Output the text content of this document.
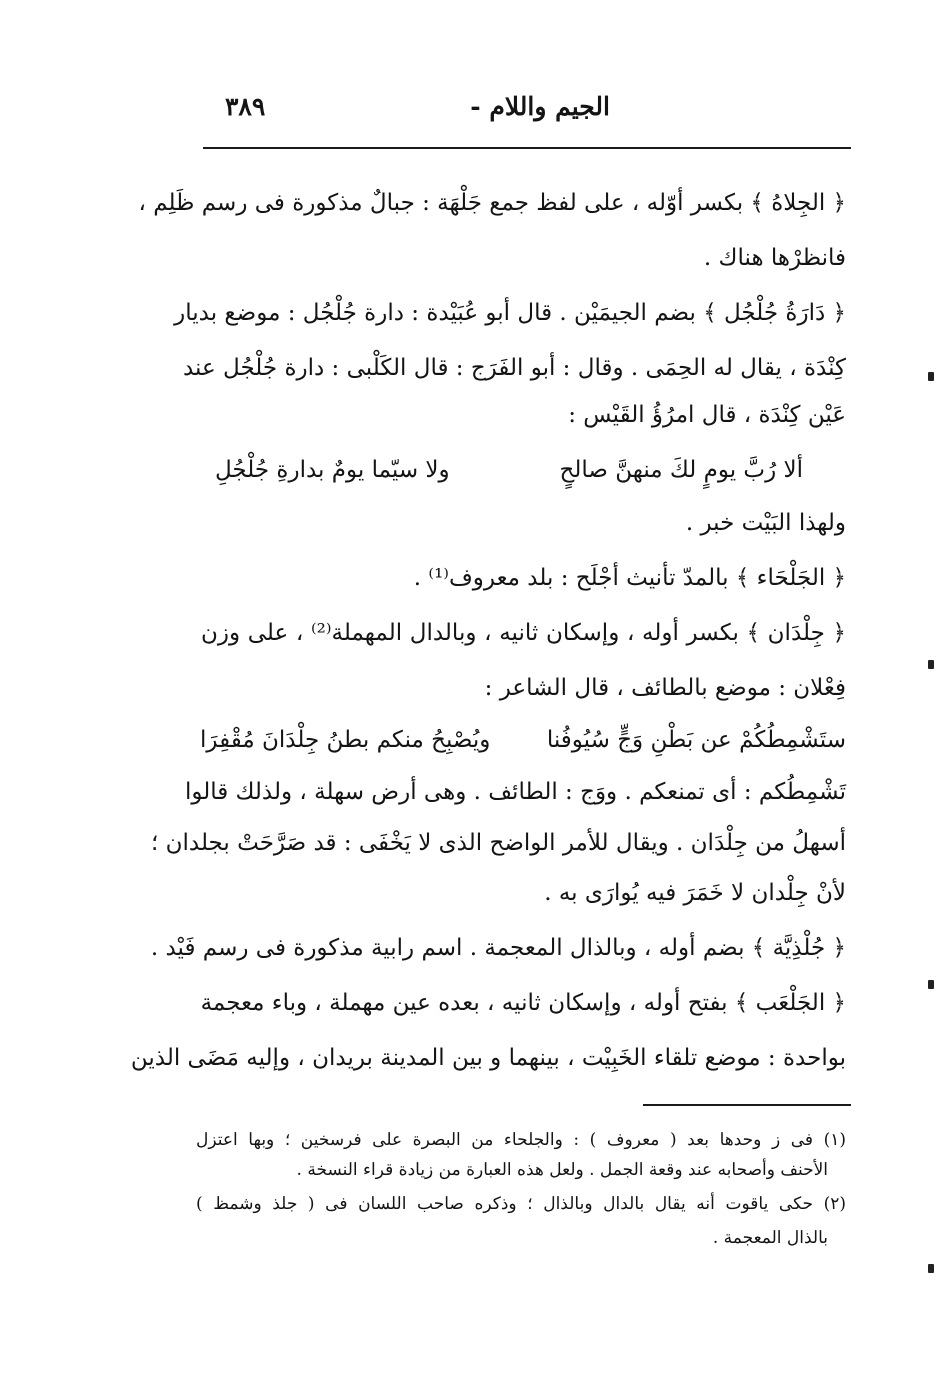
الجيم واللام -
٣٨٩
﴿ الجِلاهُ ﴾ بكسر أوّله ، على لفظ جمع جَلْهَة : جبالٌ مذكورة فى رسم ظَلِم ،
فانظرْها هناك .
﴿ دَارَةُ جُلْجُل ﴾ بضم الجيمَيْن . قال أبو عُبَيْدة : دارة جُلْجُل : موضع بديار
كِنْدَة ، يقال له الحِمَى . وقال : أبو الفَرَج : قال الكَلْبى : دارة جُلْجُل عند
عَيْن كِنْدَة ، قال امرُؤُ القَيْس :
ألا رُبَّ يومٍ لكَ منهنَّ صالحٍ
ولا سيّما يومٌ بدارةِ جُلْجُلِ
ولهذا البَيْت خبر .
﴿ الجَلْحَاء ﴾ بالمدّ تأنيث أجْلَح : بلد معروف⁽¹⁾ .
﴿ جِلْدَان ﴾ بكسر أوله ، وإسكان ثانيه ، وبالدال المهملة⁽²⁾ ، على وزن
فِعْلان : موضع بالطائف ، قال الشاعر :
ستَشْمِطُكُمْ عن بَطْنِ وَجٍّ سُيُوفُنا
ويُصْبِحُ منكم بطنُ جِلْدَانَ مُقْفِرَا
تَشْمِطُكم : أى تمنعكم . ووَج : الطائف . وهى أرض سهلة ، ولذلك قالوا
أسهلُ من جِلْدَان . ويقال للأمر الواضح الذى لا يَخْفَى : قد صَرَّحَتْ بجلدان ؛
لأنْ جِلْدان لا خَمَرَ فيه يُوارَى به .
﴿ جُلْذِيَّة ﴾ بضم أوله ، وبالذال المعجمة . اسم رابية مذكورة فى رسم فَيْد .
﴿ الجَلْعَب ﴾ بفتح أوله ، وإسكان ثانيه ، بعده عين مهملة ، وباء معجمة
بواحدة : موضع تلقاء الخَبِيْت ، بينهما و بين المدينة بريدان ، وإليه مَضَى الذين
(١) فى ز وحدها بعد ( معروف ) : والجلحاء من البصرة على فرسخين ؛ وبها اعتزل
الأحنف وأصحابه عند وقعة الجمل . ولعل هذه العبارة من زيادة قراء النسخة .
(٢) حكى ياقوت أنه يقال بالدال وبالذال ؛ وذكره صاحب اللسان فى ( جلذ وشمظ )
بالذال المعجمة .
